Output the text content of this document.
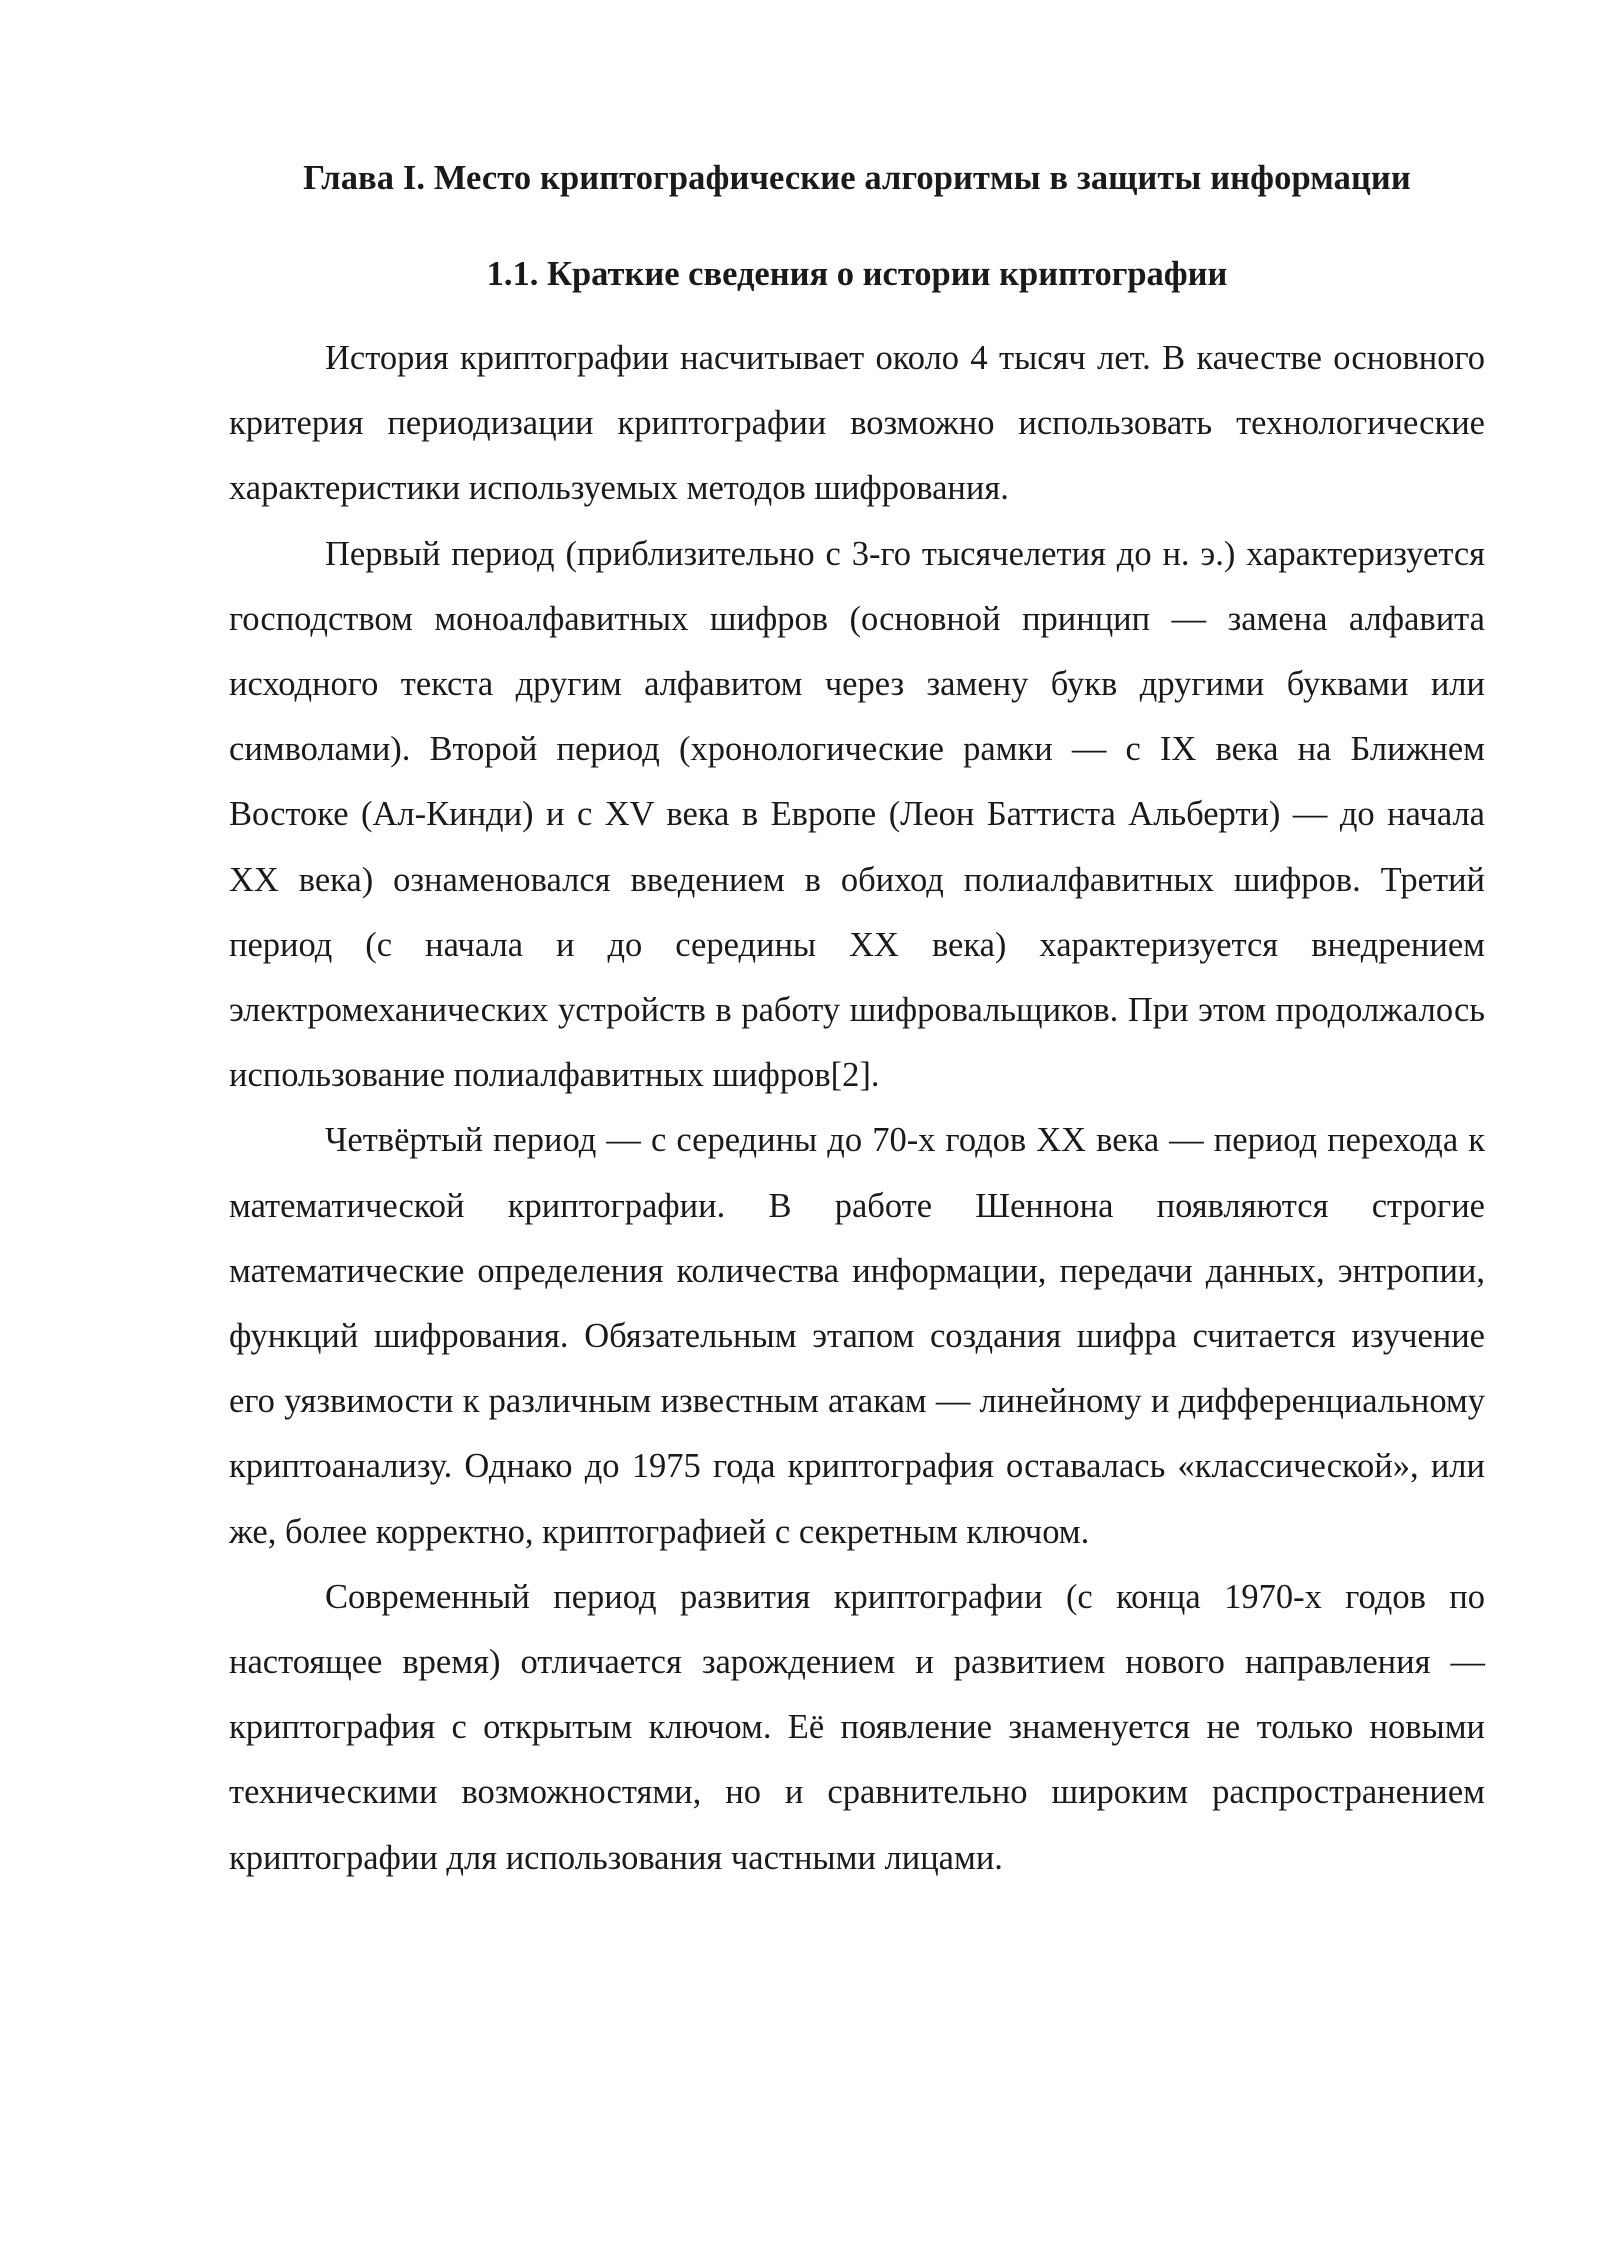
Глава I. Место криптографические алгоритмы в защиты информации
1.1. Краткие сведения о истории криптографии

История криптографии насчитывает около 4 тысяч лет. В качестве основного критерия периодизации криптографии возможно использовать технологические характеристики используемых методов шифрования.

Первый период (приблизительно с 3-го тысячелетия до н. э.) характеризуется господством моноалфавитных шифров (основной принцип — замена алфавита исходного текста другим алфавитом через замену букв другими буквами или символами). Второй период (хронологические рамки — с IX века на Ближнем Востоке (Ал-Кинди) и с XV века в Европе (Леон Баттиста Альберти) — до начала XX века) ознаменовался введением в обиход полиалфавитных шифров. Третий период (с начала и до середины XX века) характеризуется внедрением электромеханических устройств в работу шифровальщиков. При этом продолжалось использование полиалфавитных шифров[2].

Четвёртый период — с середины до 70-х годов XX века — период перехода к математической криптографии. В работе Шеннона появляются строгие математические определения количества информации, передачи данных, энтропии, функций шифрования. Обязательным этапом создания шифра считается изучение его уязвимости к различным известным атакам — линейному и дифференциальному криптоанализу. Однако до 1975 года криптография оставалась «классической», или же, более корректно, криптографией с секретным ключом.

Современный период развития криптографии (с конца 1970-х годов по настоящее время) отличается зарождением и развитием нового направления — криптография с открытым ключом. Её появление знаменуется не только новыми техническими возможностями, но и сравнительно широким распространением криптографии для использования частными лицами.
